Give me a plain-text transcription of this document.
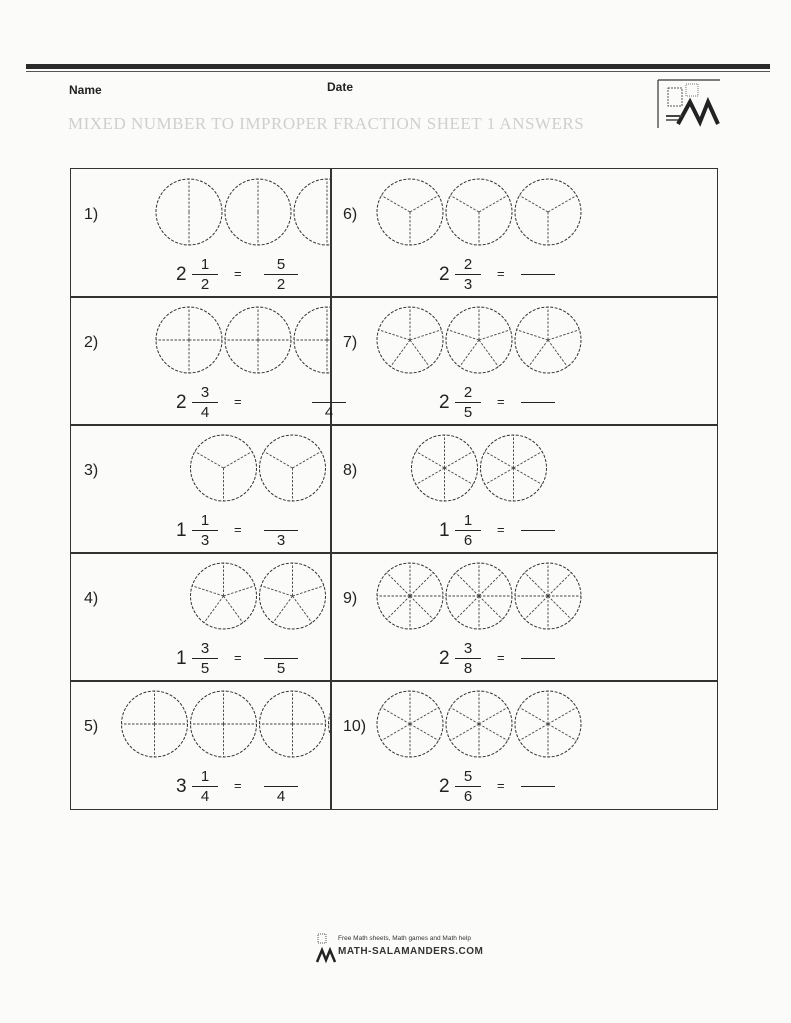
Name	Date
MIXED NUMBER TO IMPROPER FRACTION SHEET 1 ANSWERS
1)
2 1
2
=
5
2
6)
2 2
3
=
2)
2 3
4
=
4
7)
2 2
5
=
3)
1 1
3
=
3
8)
1 1
6
=
4)
1 3
5
=
5
9)
2 3
8
=
5)
3 1
4
=
4
10)
2 5
6
=
Free Math sheets, Math games and Math help
MATH-SALAMANDERS.COM
